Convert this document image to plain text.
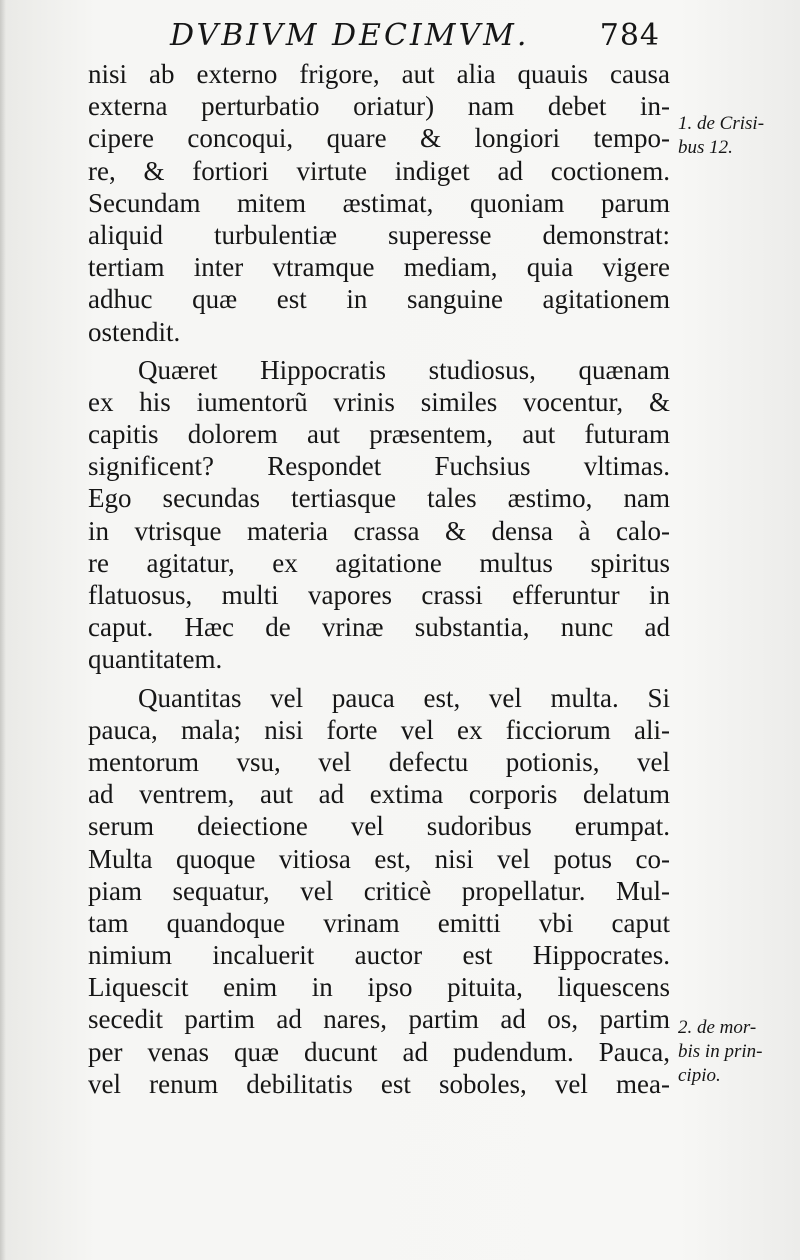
DVBIVM DECIMVM. 784

nisi ab externo frigore, aut alia quauis causa
externa perturbatio oriatur) nam debet in-
cipere concoqui, quare & longiori tempo-
re, & fortiori virtute indiget ad coctionem.
Secundam mitem æstimat, quoniam parum
aliquid turbulentiæ superesse demonstrat:
tertiam inter vtramque mediam, quia vigere
adhuc quæ est in sanguine agitationem
ostendit.

Quæret Hippocratis studiosus, quænam
ex his iumentorũ vrinis similes vocentur, &
capitis dolorem aut præsentem, aut futuram
significent? Respondet Fuchsius vltimas.
Ego secundas tertiasque tales æstimo, nam
in vtrisque materia crassa & densa à calo-
re agitatur, ex agitatione multus spiritus
flatuosus, multi vapores crassi efferuntur in
caput. Hæc de vrinæ substantia, nunc ad
quantitatem.

Quantitas vel pauca est, vel multa. Si
pauca, mala; nisi forte vel ex ficciorum ali-
mentorum vsu, vel defectu potionis, vel
ad ventrem, aut ad extima corporis delatum
serum deiectione vel sudoribus erumpat.
Multa quoque vitiosa est, nisi vel potus co-
piam sequatur, vel criticè propellatur. Mul-
tam quandoque vrinam emitti vbi caput
nimium incaluerit auctor est Hippocrates.
Liquescit enim in ipso pituita, liquescens
secedit partim ad nares, partim ad os, partim
per venas quæ ducunt ad pudendum. Pauca,
vel renum debilitatis est soboles, vel mea-

1. de Crisi-
bus 12.
2. de mor-
bis in prin-
cipio.
